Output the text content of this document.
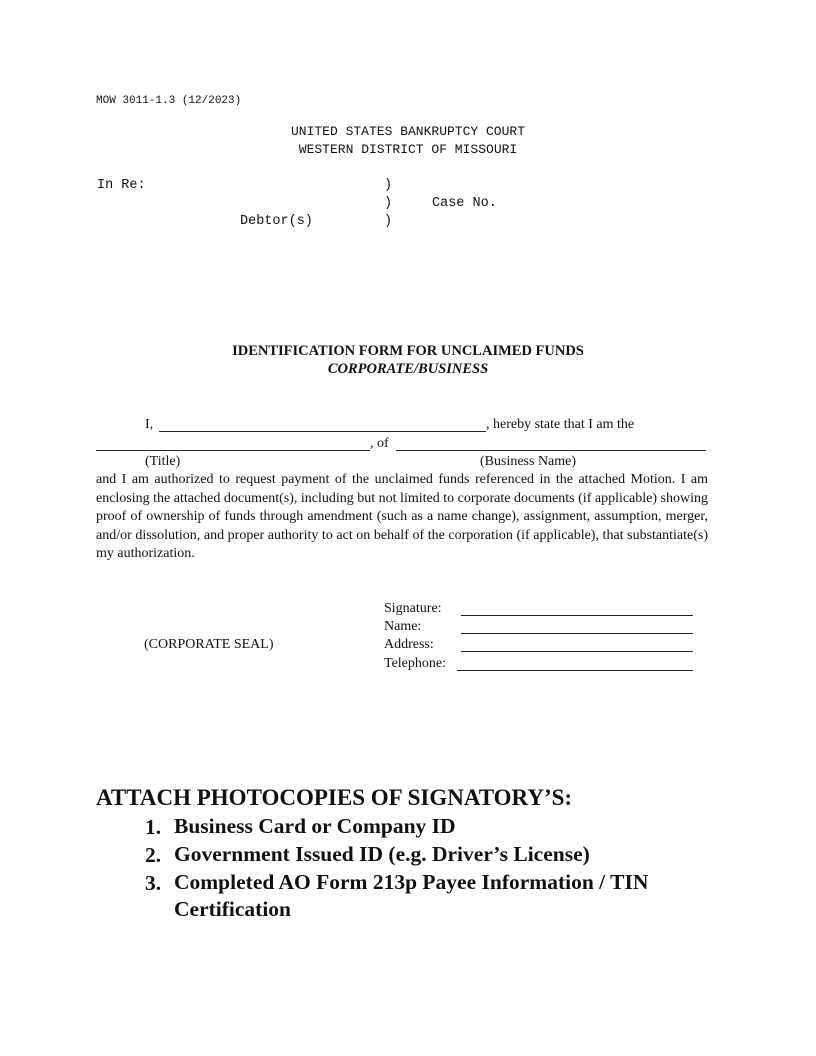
MOW 3011-1.3 (12/2023)
UNITED STATES BANKRUPTCY COURT
WESTERN DISTRICT OF MISSOURI
In Re:	)
)	Case No.
Debtor(s)	)
IDENTIFICATION FORM FOR UNCLAIMED FUNDS
CORPORATE/BUSINESS
I,	, hereby state that I am the
, of
(Title)	(Business Name)
and I am authorized to request payment of the unclaimed funds referenced in the attached Motion. I am enclosing the attached document(s), including but not limited to corporate documents (if applicable) showing proof of ownership of funds through amendment (such as a name change), assignment, assumption, merger, and/or dissolution, and proper authority to act on behalf of the corporation (if applicable), that substantiate(s) my authorization.
(CORPORATE SEAL)
Signature:
Name:
Address:
Telephone:
ATTACH PHOTOCOPIES OF SIGNATORY’S:
1. Business Card or Company ID
2. Government Issued ID (e.g. Driver’s License)
3. Completed AO Form 213p Payee Information / TIN
Certification
